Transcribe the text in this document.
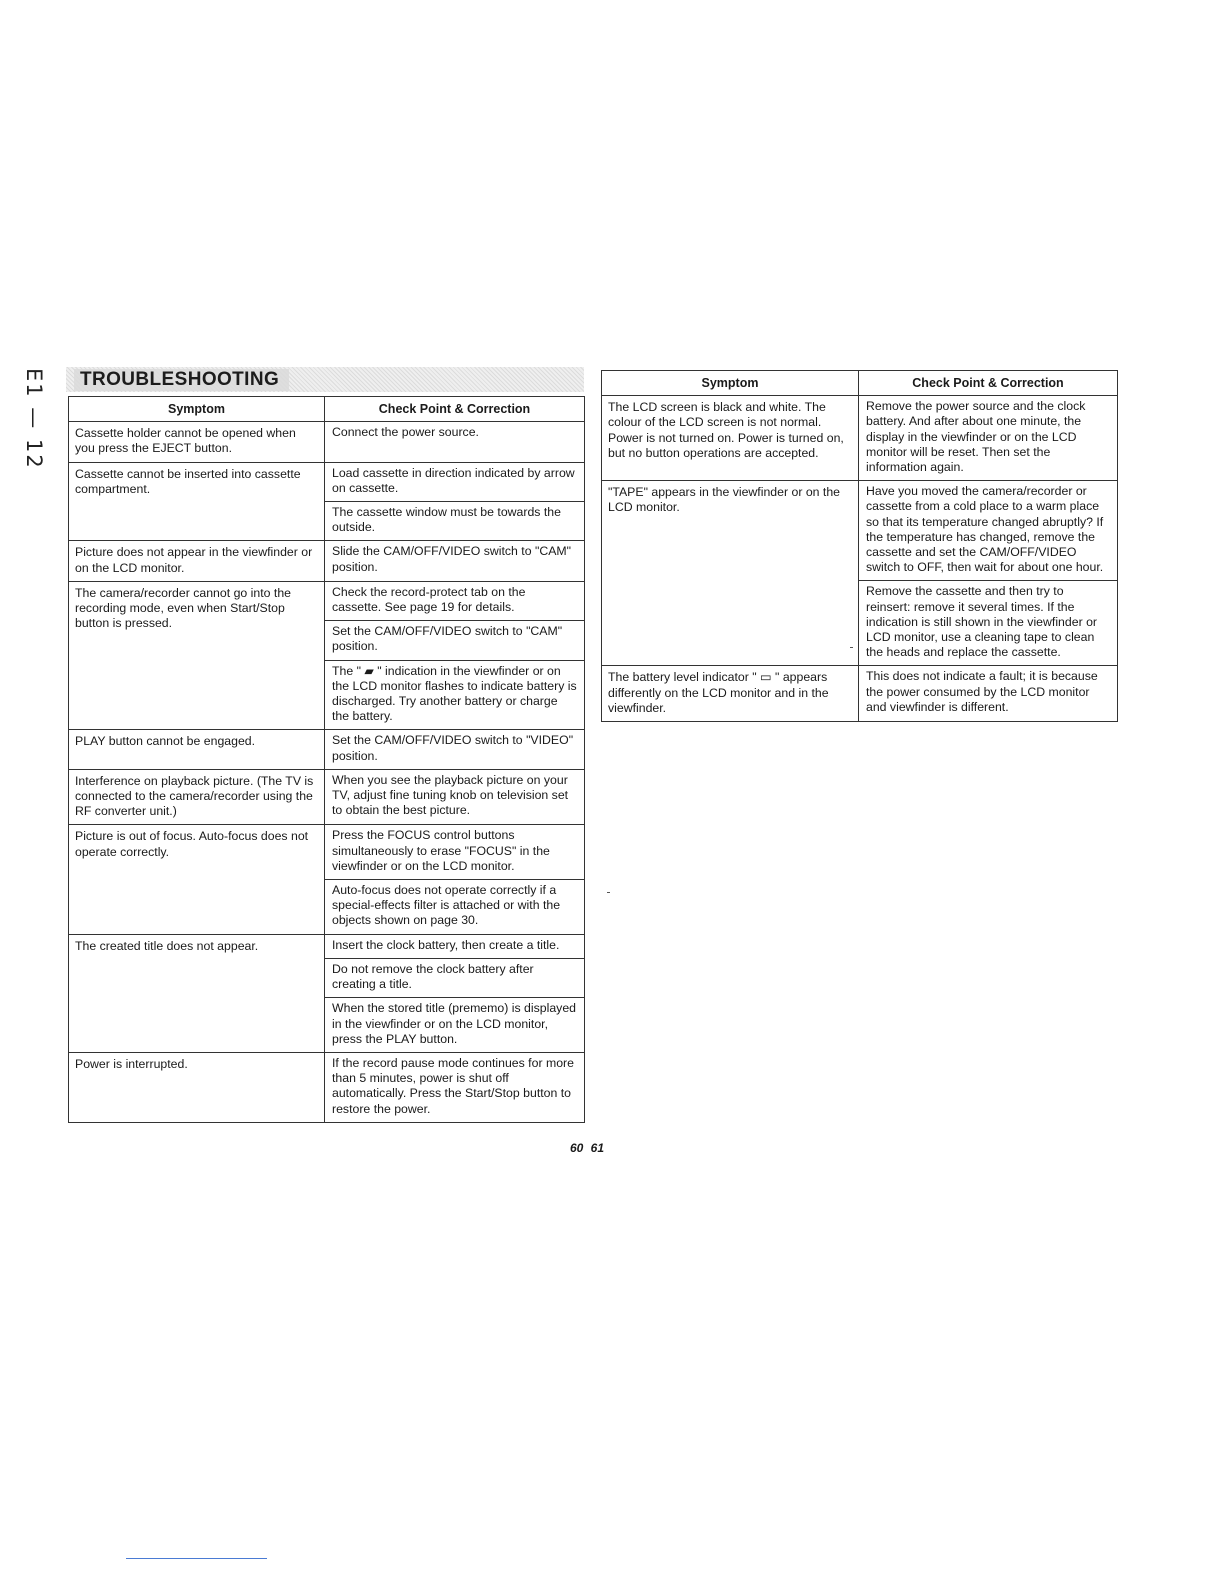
E1 — 12	TROUBLESHOOTING
Symptom	Check Point & Correction
Cassette holder cannot be opened when you press the EJECT button.	Connect the power source.

Cassette cannot be inserted into cassette compartment.	Load cassette in direction indicated by arrow on cassette.
The cassette window must be towards the outside.

Picture does not appear in the viewfinder or on the LCD monitor.	Slide the CAM/OFF/VIDEO switch to "CAM" position.

The camera/recorder cannot go into the recording mode, even when Start/Stop button is pressed.	Check the record-protect tab on the cassette. See page 19 for details.
Set the CAM/OFF/VIDEO switch to "CAM" position.
The " ▰ " indication in the viewfinder or on the LCD monitor flashes to indicate battery is discharged. Try another battery or charge the battery.

PLAY button cannot be engaged.	Set the CAM/OFF/VIDEO switch to "VIDEO" position.

Interference on playback picture. (The TV is connected to the camera/recorder using the RF converter unit.)	When you see the playback picture on your TV, adjust fine tuning knob on television set to obtain the best picture.

Picture is out of focus. Auto-focus does not operate correctly.	Press the FOCUS control buttons simultaneously to erase "FOCUS" in the viewfinder or on the LCD monitor.
Auto-focus does not operate correctly if a special-effects filter is attached or with the objects shown on page 30.

The created title does not appear.	Insert the clock battery, then create a title.
Do not remove the clock battery after creating a title.
When the stored title (prememo) is displayed in the viewfinder or on the LCD monitor, press the PLAY button.

Power is interrupted.	If the record pause mode continues for more than 5 minutes, power is shut off automatically. Press the Start/Stop button to restore the power.
Symptom	Check Point & Correction
The LCD screen is black and white. The colour of the LCD screen is not normal. Power is not turned on. Power is turned on, but no button operations are accepted.	Remove the power source and the clock battery. And after about one minute, the display in the viewfinder or on the LCD monitor will be reset. Then set the information again.

"TAPE" appears in the viewfinder or on the LCD monitor.	Have you moved the camera/recorder or cassette from a cold place to a warm place so that its temperature changed abruptly? If the temperature has changed, remove the cassette and set the CAM/OFF/VIDEO switch to OFF, then wait for about one hour.
Remove the cassette and then try to reinsert: remove it several times. If the indication is still shown in the viewfinder or LCD monitor, use a cleaning tape to clean the heads and replace the cassette.

The battery level indicator " ▭ " appears differently on the LCD monitor and in the viewfinder.	This does not indicate a fault; it is because the power consumed by the LCD monitor and viewfinder is different.
60 61
